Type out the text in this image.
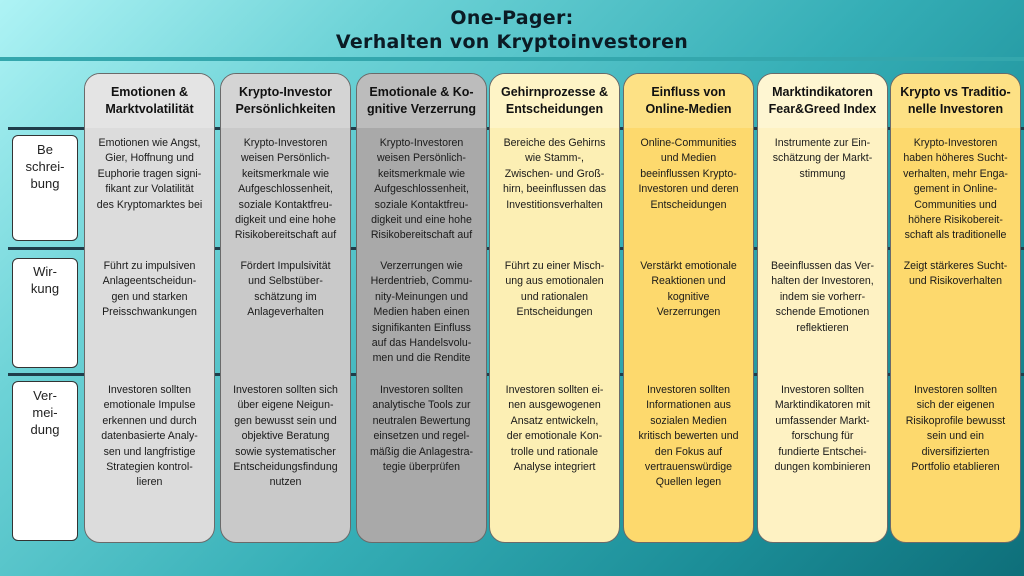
One-Pager:
Verhalten von Kryptoinvestoren
Be
schrei-
bung
Wir-
kung
Ver-
mei-
dung
Emotionen &
Marktvolatilität
Emotionen wie Angst,
Gier, Hoffnung und
Euphorie tragen signi-
fikant zur Volatilität
des Kryptomarktes bei
Führt zu impulsiven
Anlageentscheidun-
gen und starken
Preisschwankungen
Investoren sollten
emotionale Impulse
erkennen und durch
datenbasierte Analy-
sen und langfristige
Strategien kontrol-
lieren
Krypto-Investor
Persönlichkeiten
Krypto-Investoren
weisen Persönlich-
keitsmerkmale wie
Aufgeschlossenheit,
soziale Kontaktfreu-
digkeit und eine hohe
Risikobereitschaft auf
Fördert Impulsivität
und Selbstüber-
schätzung im
Anlageverhalten
Investoren sollten sich
über eigene Neigun-
gen bewusst sein und
objektive Beratung
sowie systematischer
Entscheidungsfindung
nutzen
Emotionale & Ko-
gnitive Verzerrung
Krypto-Investoren
weisen Persönlich-
keitsmerkmale wie
Aufgeschlossenheit,
soziale Kontaktfreu-
digkeit und eine hohe
Risikobereitschaft auf
Verzerrungen wie
Herdentrieb, Commu-
nity-Meinungen und
Medien haben einen
signifikanten Einfluss
auf das Handelsvolu-
men und die Rendite
Investoren sollten
analytische Tools zur
neutralen Bewertung
einsetzen und regel-
mäßig die Anlagestra-
tegie überprüfen
Gehirnprozesse &
Entscheidungen
Bereiche des Gehirns
wie Stamm-,
Zwischen- und Groß-
hirn, beeinflussen das
Investitionsverhalten
Führt zu einer Misch-
ung aus emotionalen
und rationalen
Entscheidungen
Investoren sollten ei-
nen ausgewogenen
Ansatz entwickeln,
der emotionale Kon-
trolle und rationale
Analyse integriert
Einfluss von
Online-Medien
Online-Communities
und Medien
beeinflussen Krypto-
Investoren und deren
Entscheidungen
Verstärkt emotionale
Reaktionen und
kognitive
Verzerrungen
Investoren sollten
Informationen aus
sozialen Medien
kritisch bewerten und
den Fokus auf
vertrauenswürdige
Quellen legen
Marktindikatoren
Fear&Greed Index
Instrumente zur Ein-
schätzung der Markt-
stimmung
Beeinflussen das Ver-
halten der Investoren,
indem sie vorherr-
schende Emotionen
reflektieren
Investoren sollten
Marktindikatoren mit
umfassender Markt-
forschung für
fundierte Entschei-
dungen kombinieren
Krypto vs Traditio-
nelle Investoren
Krypto-Investoren
haben höheres Sucht-
verhalten, mehr Enga-
gement in Online-
Communities und
höhere Risikobereit-
schaft als traditionelle
Zeigt stärkeres Sucht-
und Risikoverhalten
Investoren sollten
sich der eigenen
Risikoprofile bewusst
sein und ein
diversifizierten
Portfolio etablieren
